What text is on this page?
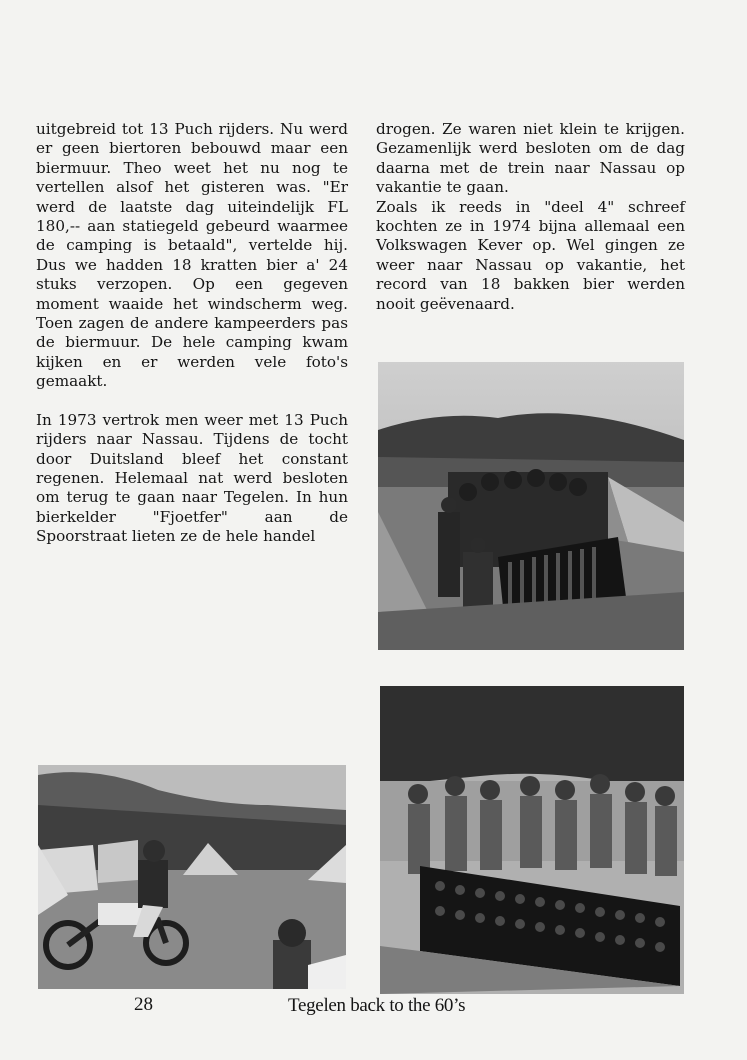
uitgebreid tot 13 Puch rijders. Nu werd er geen biertoren bebouwd maar een biermuur. Theo weet het nu nog te vertellen alsof het gisteren was. "Er werd de laatste dag uiteindelijk FL 180,-- aan statiegeld gebeurd waarmee de camping is betaald", vertelde hij. Dus we hadden 18 kratten bier a' 24 stuks verzopen. Op een gegeven moment waaide het windscherm weg. Toen zagen de andere kampeerders pas de biermuur. De hele camping kwam kijken en er werden vele foto's gemaakt.

In 1973 vertrok men weer met 13 Puch rijders naar Nassau. Tijdens de tocht door Duitsland bleef het constant regenen. Helemaal nat werd besloten om terug te gaan naar Tegelen. In hun bierkelder "Fjoetfer" aan de Spoorstraat lieten ze de hele handel

drogen. Ze waren niet klein te krijgen. Gezamenlijk werd besloten om de dag daarna met de trein naar Nassau op vakantie te gaan.

Zoals ik reeds in "deel 4" schreef kochten ze in 1974 bijna allemaal een Volkswagen Kever op. Wel gingen ze weer naar Nassau op vakantie, het record van 18 bakken bier werden nooit geëvenaard.

28	Tegelen back to the 60’s
